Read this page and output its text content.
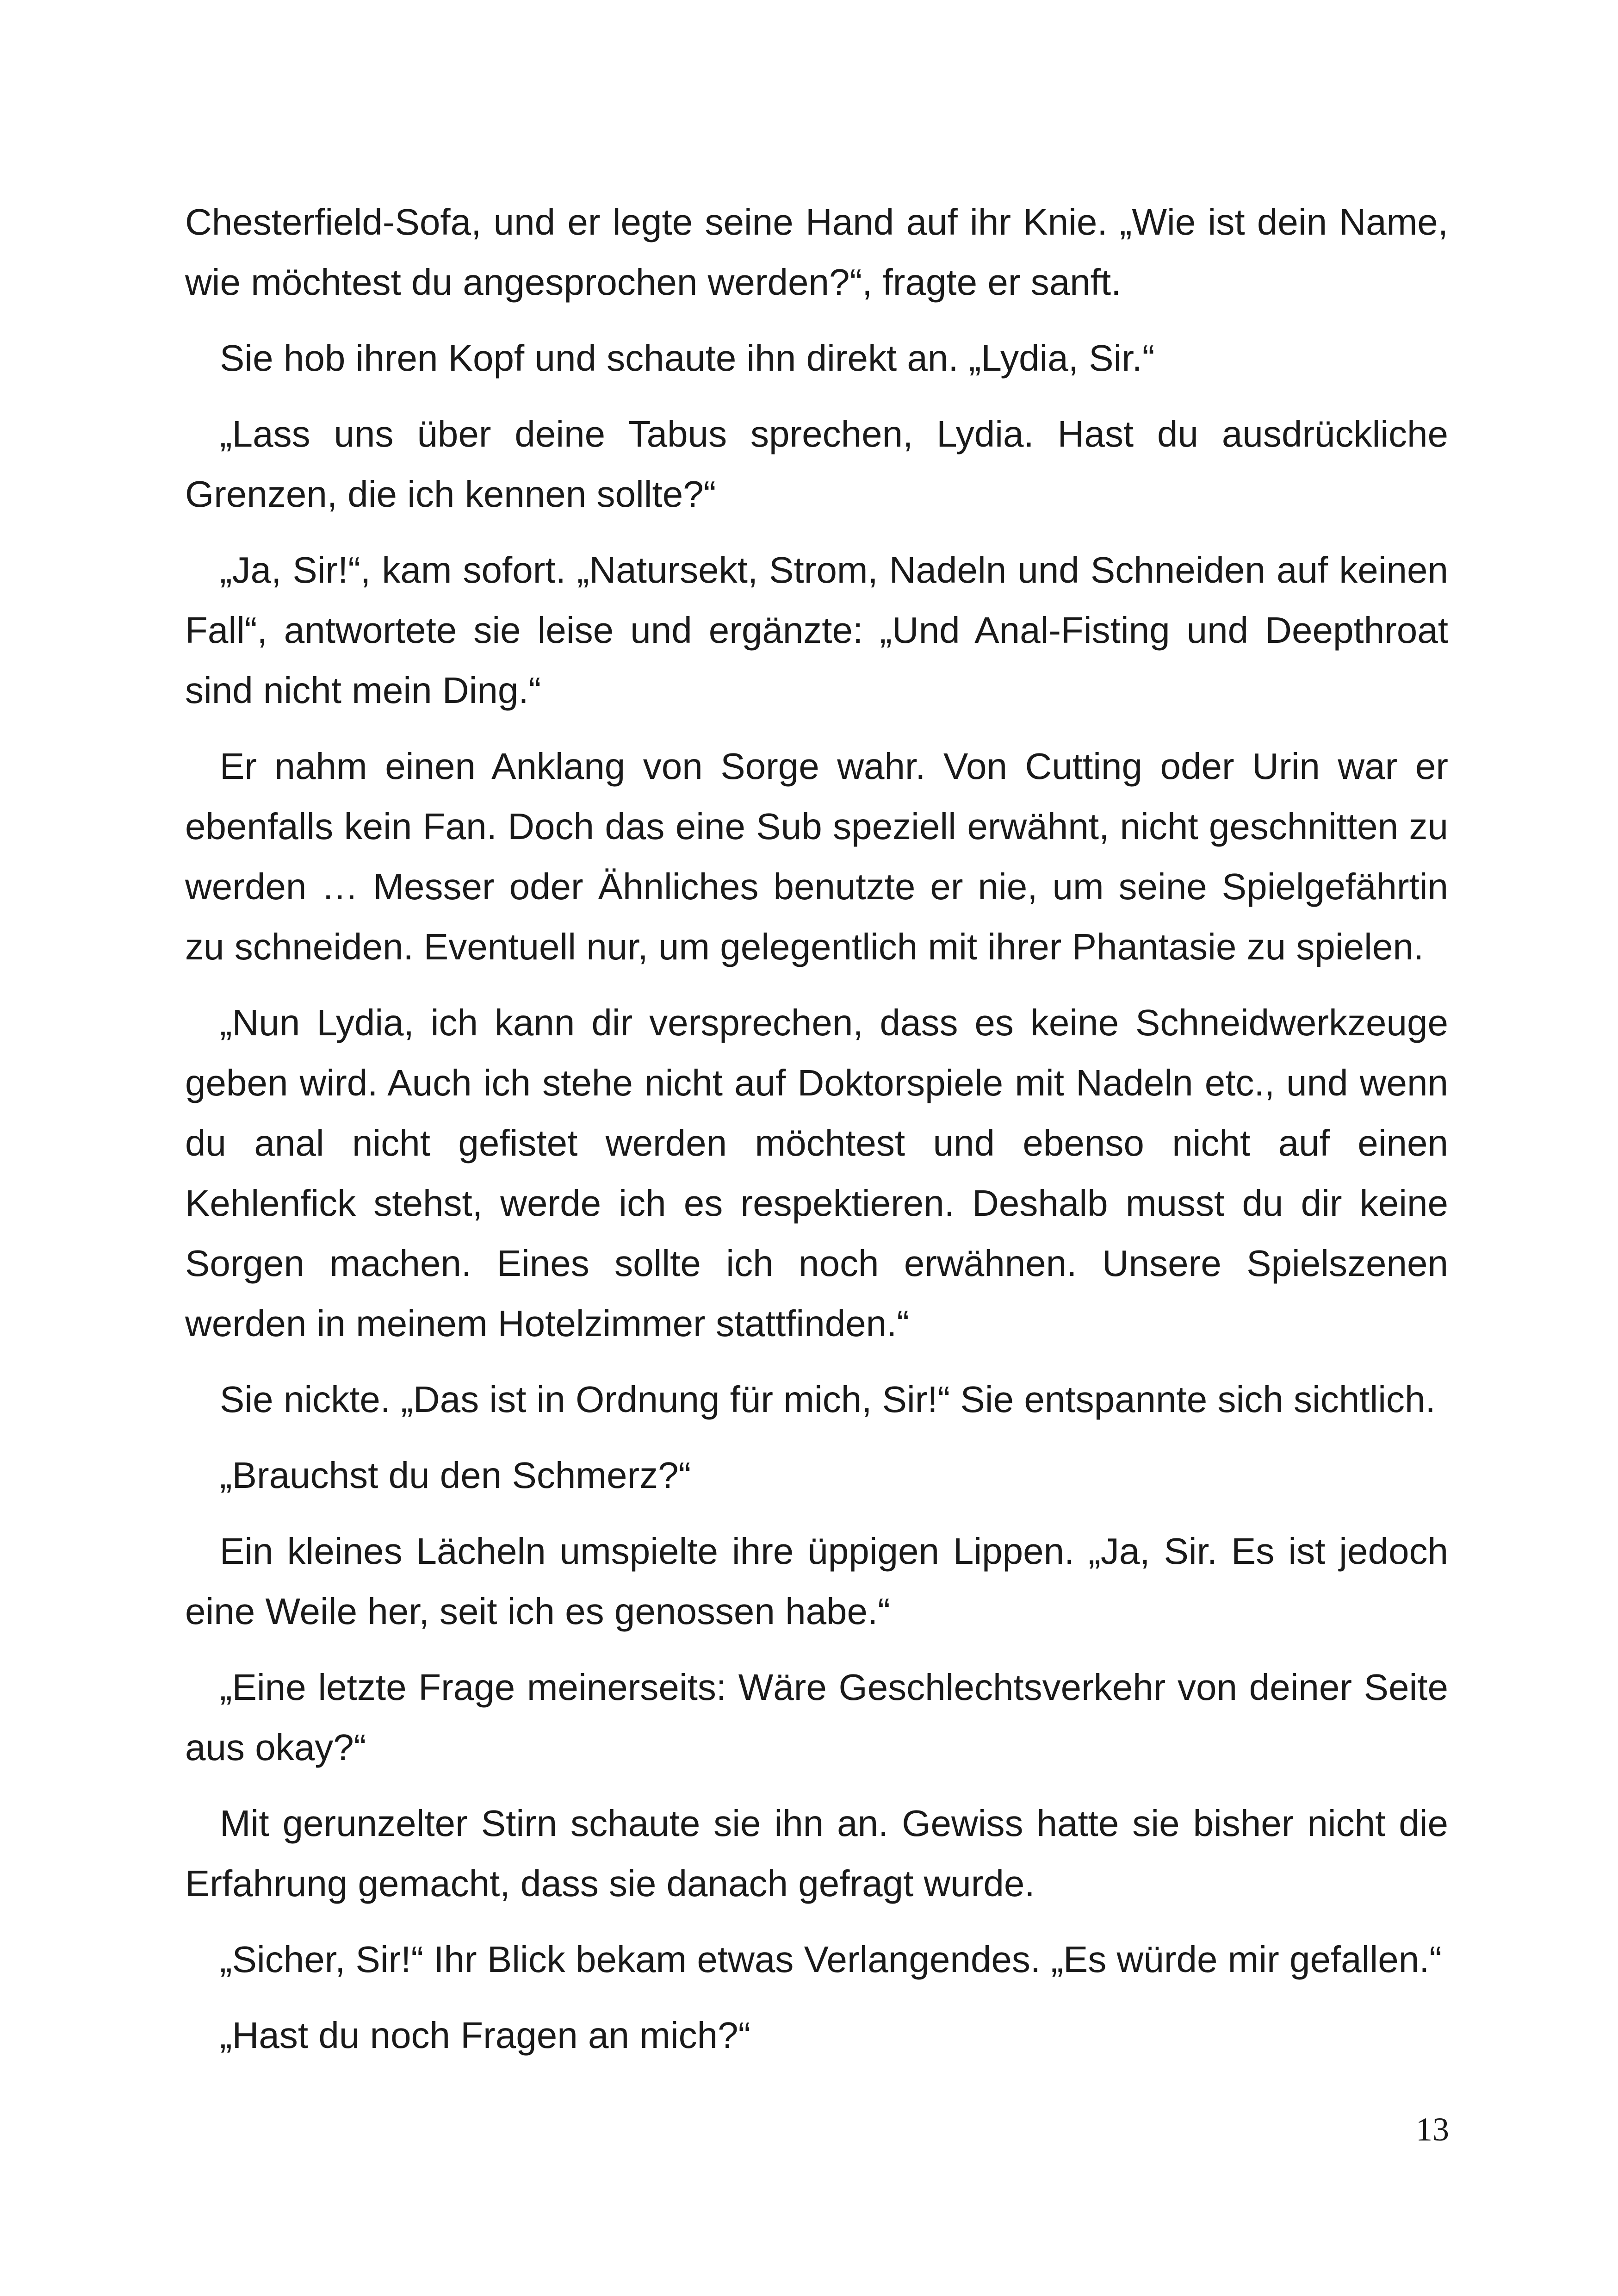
Chesterfield-Sofa, und er legte seine Hand auf ihr Knie. „Wie ist dein Name, wie möchtest du angesprochen werden?“, fragte er sanft.

Sie hob ihren Kopf und schaute ihn direkt an. „Lydia, Sir.“

„Lass uns über deine Tabus sprechen, Lydia. Hast du ausdrückliche Grenzen, die ich kennen sollte?“

„Ja, Sir!“, kam sofort. „Natursekt, Strom, Nadeln und Schneiden auf keinen Fall“, antwortete sie leise und ergänzte: „Und Anal-Fisting und Deepthroat sind nicht mein Ding.“

Er nahm einen Anklang von Sorge wahr. Von Cutting oder Urin war er ebenfalls kein Fan. Doch das eine Sub speziell erwähnt, nicht geschnitten zu werden … Messer oder Ähnliches benutzte er nie, um seine Spielgefährtin zu schneiden. Eventuell nur, um gelegentlich mit ihrer Phantasie zu spielen.

„Nun Lydia, ich kann dir versprechen, dass es keine Schneidwerkzeuge geben wird. Auch ich stehe nicht auf Doktorspiele mit Nadeln etc., und wenn du anal nicht gefistet werden möchtest und ebenso nicht auf einen Kehlenfick stehst, werde ich es respektieren. Deshalb musst du dir keine Sorgen machen. Eines sollte ich noch erwähnen. Unsere Spielszenen werden in meinem Hotelzimmer stattfinden.“

Sie nickte. „Das ist in Ordnung für mich, Sir!“ Sie entspannte sich sichtlich.

„Brauchst du den Schmerz?“

Ein kleines Lächeln umspielte ihre üppigen Lippen. „Ja, Sir. Es ist jedoch eine Weile her, seit ich es genossen habe.“

„Eine letzte Frage meinerseits: Wäre Geschlechtsverkehr von deiner Seite aus okay?“

Mit gerunzelter Stirn schaute sie ihn an. Gewiss hatte sie bisher nicht die Erfahrung gemacht, dass sie danach gefragt wurde.

„Sicher, Sir!“ Ihr Blick bekam etwas Verlangendes. „Es würde mir gefallen.“

„Hast du noch Fragen an mich?“

13
